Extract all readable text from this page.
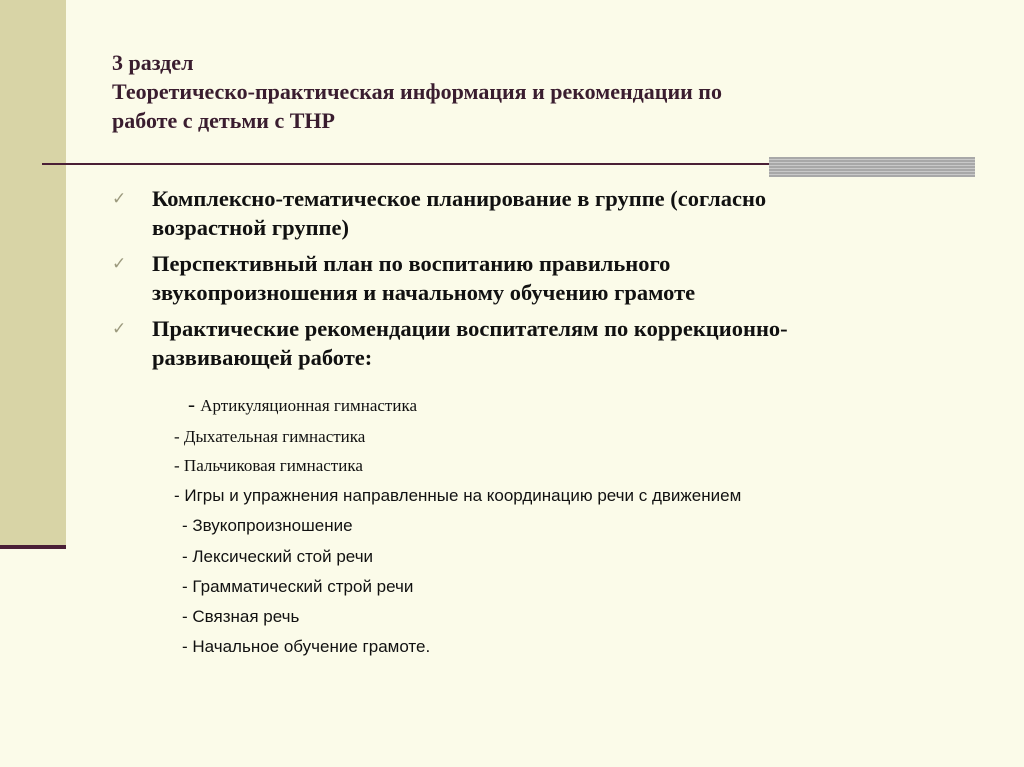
3 раздел
Теоретическо-практическая информация и рекомендации по
работе с детьми с ТНР
✓ Комплексно-тематическое планирование в группе (согласно
возрастной группе)
✓ Перспективный план по воспитанию правильного
звукопроизношения и начальному обучению грамоте
✓ Практические рекомендации воспитателям по коррекционно-
развивающей работе:
- Артикуляционная гимнастика
- Дыхательная гимнастика
- Пальчиковая гимнастика
- Игры и упражнения направленные на координацию речи с движением
- Звукопроизношение
- Лексический стой речи
- Грамматический строй речи
- Связная речь
- Начальное обучение грамоте.
